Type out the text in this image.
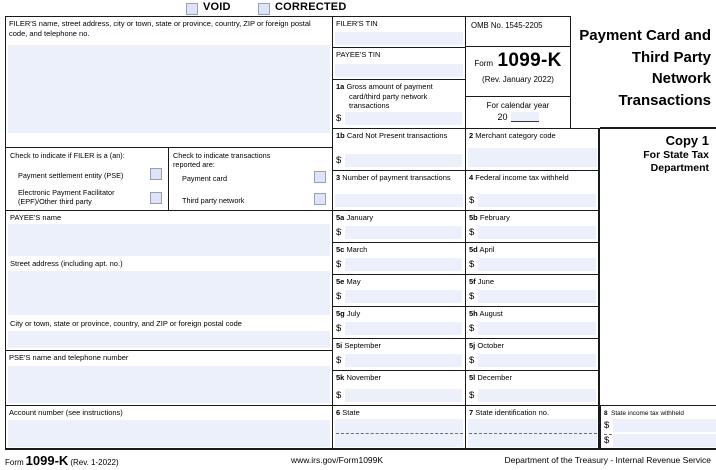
VOID	CORRECTED
FILER'S name, street address, city or town, state or province, country, ZIP or foreign postal code, and telephone no.
Check to indicate if FILER is a (an):
Payment settlement entity (PSE)
Electronic Payment Facilitator (EPF)/Other third party
Check to indicate transactions reported are:
Payment card
Third party network
PAYEE'S name
Street address (including apt. no.)
City or town, state or province, country, and ZIP or foreign postal code
PSE'S name and telephone number
Account number (see instructions)
FILER'S TIN
PAYEE'S TIN
1a Gross amount of payment card/third party network transactions
$
1b Card Not Present transactions
$
2 Merchant category code
3 Number of payment transactions	4 Federal income tax withheld
$
5a January
$
5b February
$
5c March
$
5d April
$
5e May
$
5f June
$
5g July
$
5h August
$
5i September
$
5j October
$
5k November
$
5l December
$
6 State	7 State identification no.	8 State income tax withheld
$
$
OMB No. 1545-2205
Form 1099-K
(Rev. January 2022)
For calendar year
20
Payment Card and
Third Party
Network
Transactions
Copy 1
For State Tax
Department
Form 1099-K (Rev. 1-2022)	www.irs.gov/Form1099K	Department of the Treasury - Internal Revenue Service
